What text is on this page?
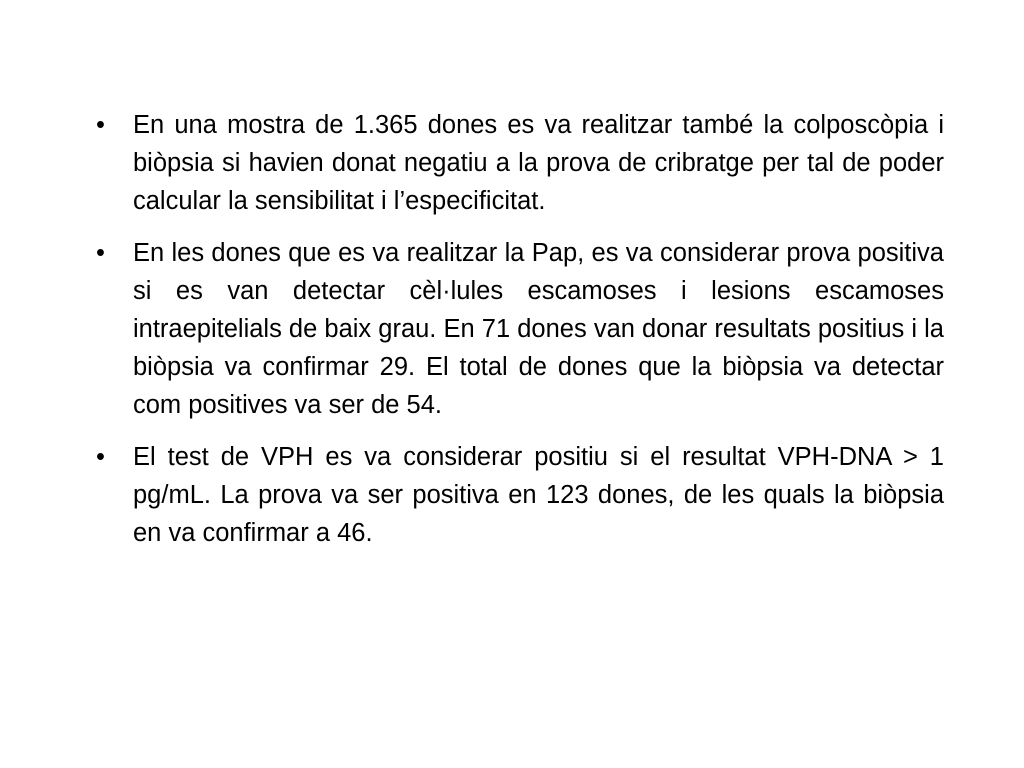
•	En una mostra de 1.365 dones es va realitzar també la colposcòpia i biòpsia si havien donat negatiu a la prova de cribratge per tal de poder calcular la sensibilitat i l’especificitat.
•	En les dones que es va realitzar la Pap, es va considerar prova positiva si es van detectar cèl·lules escamoses i lesions escamoses intraepitelials de baix grau. En 71 dones van donar resultats positius i la biòpsia va confirmar 29. El total de dones que la biòpsia va detectar com positives va ser de 54.
•	El test de VPH es va considerar positiu si el resultat VPH-DNA > 1 pg/mL. La prova va ser positiva en 123 dones, de les quals la biòpsia en va confirmar a 46.
